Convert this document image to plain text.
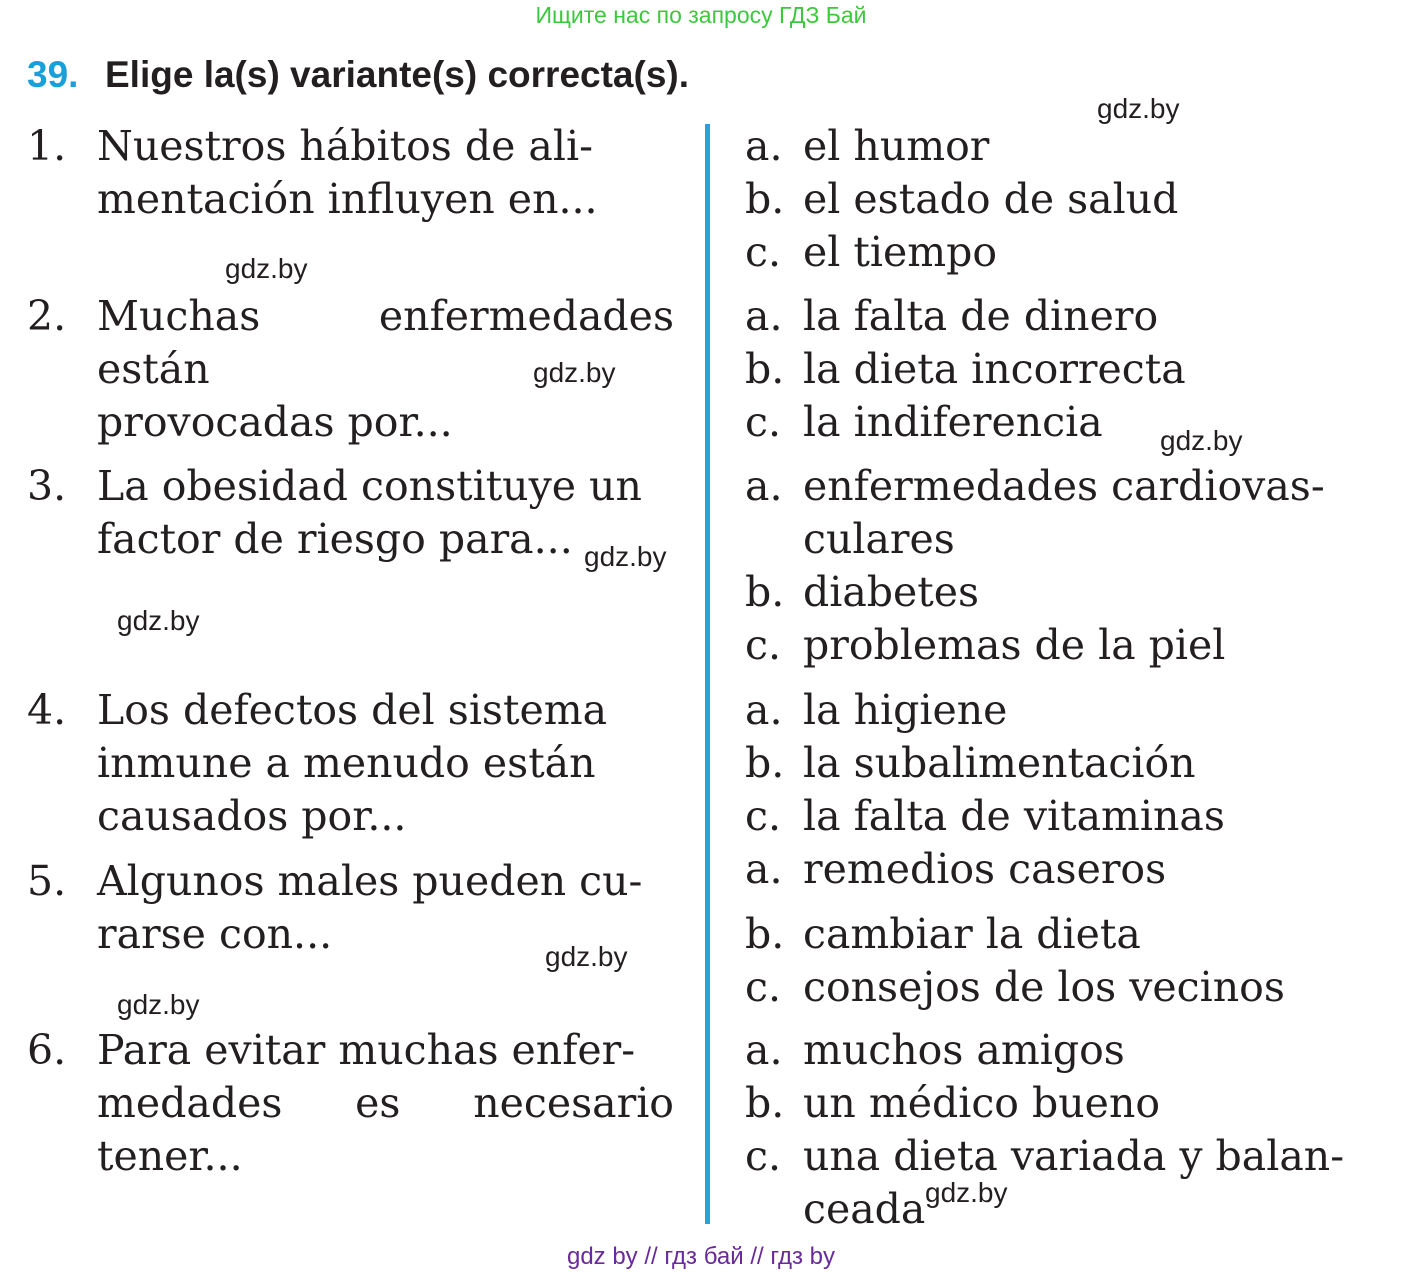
Ищите нас по запросу ГДЗ Бай
39. Elige la(s) variante(s) correcta(s).
1. Nuestros hábitos de ali-
mentación influyen en...
2. Muchas enfermedades están
provocadas por...
3. La obesidad constituye un
factor de riesgo para...
4. Los defectos del sistema
inmune a menudo están
causados por...
5. Algunos males pueden cu-
rarse con...
6. Para evitar muchas enfer-
medades es necesario tener...
a. el humor
b. el estado de salud
c. el tiempo
a. la falta de dinero
b. la dieta incorrecta
c. la indiferencia
a. enfermedades cardiovas-
culares
b. diabetes
c. problemas de la piel
a. la higiene
b. la subalimentación
c. la falta de vitaminas
a. remedios caseros
b. cambiar la dieta
c. consejos de los vecinos
a. muchos amigos
b. un médico bueno
c. una dieta variada y balan-
ceada
gdz.by
gdz.by
gdz.by
gdz.by
gdz.by
gdz.by
gdz.by
gdz.by
gdz.by
gdz by // гдз бай // гдз by
